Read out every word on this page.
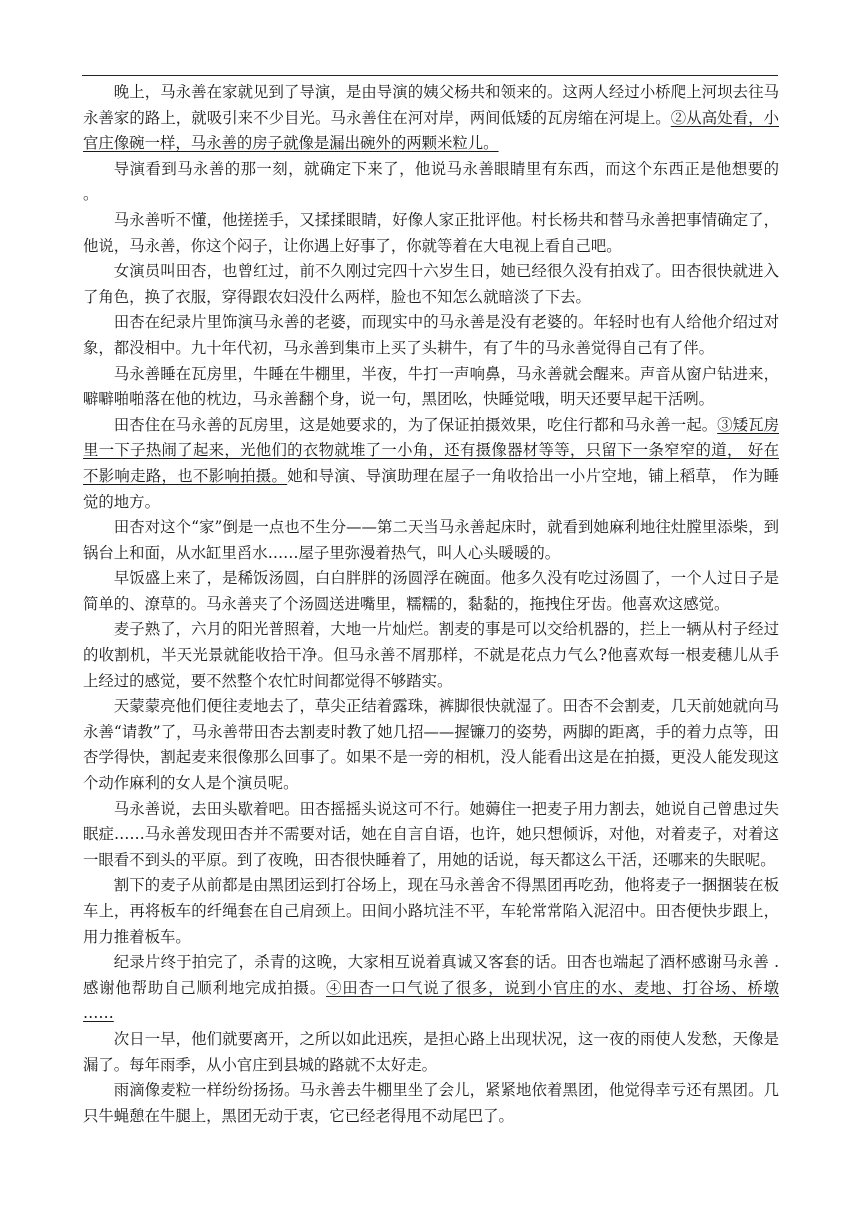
晚上，马永善在家就见到了导演，是由导演的姨父杨共和领来的。这两人经过小桥爬上河坝去往马永善家的路上，就吸引来不少目光。马永善住在河对岸，两间低矮的瓦房缩在河堤上。②从高处看，小官庄像碗一样，马永善的房子就像是漏出碗外的两颗米粒儿。

导演看到马永善的那一刻，就确定下来了，他说马永善眼睛里有东西，而这个东西正是他想要的 。

马永善听不懂，他搓搓手，又揉揉眼睛，好像人家正批评他。村长杨共和替马永善把事情确定了，他说，马永善，你这个闷子，让你遇上好事了，你就等着在大电视上看自己吧。

女演员叫田杏，也曾红过，前不久刚过完四十六岁生日，她已经很久没有拍戏了。田杏很快就进入了角色，换了衣服，穿得跟农妇没什么两样，脸也不知怎么就暗淡了下去。

田杏在纪录片里饰演马永善的老婆，而现实中的马永善是没有老婆的。年轻时也有人给他介绍过对象，都没相中。九十年代初，马永善到集市上买了头耕牛，有了牛的马永善觉得自己有了伴。

马永善睡在瓦房里，牛睡在牛棚里，半夜，牛打一声响鼻，马永善就会醒来。声音从窗户钻进来，噼噼啪啪落在他的枕边，马永善翻个身，说一句，黑团吆，快睡觉哦，明天还要早起干活咧。

田杏住在马永善的瓦房里，这是她要求的，为了保证拍摄效果，吃住行都和马永善一起。③矮瓦房里一下子热闹了起来，光他们的衣物就堆了一小角，还有摄像器材等等，只留下一条窄窄的道， 好在不影响走路，也不影响拍摄。她和导演、导演助理在屋子一角收拾出一小片空地，铺上稻草， 作为睡觉的地方。

田杏对这个“家”倒是一点也不生分——第二天当马永善起床时，就看到她麻利地往灶膛里添柴，到锅台上和面，从水缸里舀水……屋子里弥漫着热气，叫人心头暖暖的。

早饭盛上来了，是稀饭汤圆，白白胖胖的汤圆浮在碗面。他多久没有吃过汤圆了，一个人过日子是简单的、潦草的。马永善夹了个汤圆送进嘴里，糯糯的，黏黏的，拖拽住牙齿。他喜欢这感觉。

麦子熟了，六月的阳光普照着，大地一片灿烂。割麦的事是可以交给机器的，拦上一辆从村子经过的收割机，半天光景就能收拾干净。但马永善不屑那样，不就是花点力气么?他喜欢每一根麦穗儿从手上经过的感觉，要不然整个农忙时间都觉得不够踏实。

天蒙蒙亮他们便往麦地去了，草尖正结着露珠，裤脚很快就湿了。田杏不会割麦，几天前她就向马永善“请教”了，马永善带田杏去割麦时教了她几招——握镰刀的姿势，两脚的距离，手的着力点等，田杏学得快，割起麦来很像那么回事了。如果不是一旁的相机，没人能看出这是在拍摄，更没人能发现这个动作麻利的女人是个演员呢。

马永善说，去田头歇着吧。田杏摇摇头说这可不行。她薅住一把麦子用力割去，她说自己曾患过失眠症……马永善发现田杏并不需要对话，她在自言自语，也许，她只想倾诉，对他，对着麦子，对着这一眼看不到头的平原。到了夜晚，田杏很快睡着了，用她的话说，每天都这么干活，还哪来的失眠呢。

割下的麦子从前都是由黑团运到打谷场上，现在马永善舍不得黑团再吃劲，他将麦子一捆捆装在板车上，再将板车的纤绳套在自己肩颈上。田间小路坑洼不平，车轮常常陷入泥沼中。田杏便快步跟上，用力推着板车。

纪录片终于拍完了，杀青的这晚，大家相互说着真诚又客套的话。田杏也端起了酒杯感谢马永善 .感谢他帮助自己顺利地完成拍摄。④田杏一口气说了很多，说到小官庄的水、麦地、打谷场、桥墩 ……

次日一早，他们就要离开，之所以如此迅疾，是担心路上出现状况，这一夜的雨使人发愁，天像是漏了。每年雨季，从小官庄到县城的路就不太好走。

雨滴像麦粒一样纷纷扬扬。马永善去牛棚里坐了会儿，紧紧地依着黑团，他觉得幸亏还有黑团。几只牛蝇憩在牛腿上，黑团无动于衷，它已经老得甩不动尾巴了。
